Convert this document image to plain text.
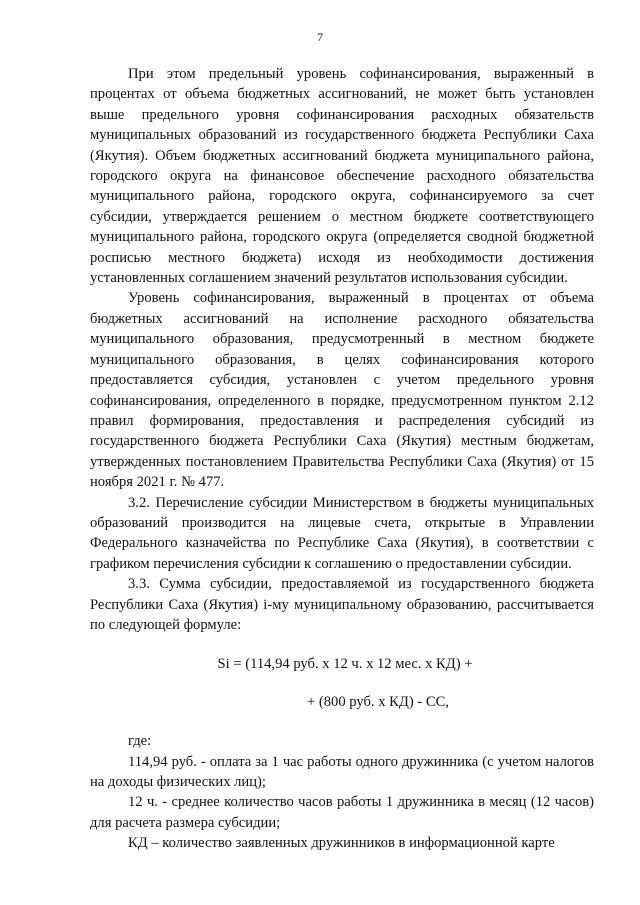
7

При этом предельный уровень софинансирования, выраженный в процентах от объема бюджетных ассигнований, не может быть установлен выше предельного уровня софинансирования расходных обязательств муниципальных образований из государственного бюджета Республики Саха (Якутия). Объем бюджетных ассигнований бюджета муниципального района, городского округа на финансовое обеспечение расходного обязательства муниципального района, городского округа, софинансируемого за счет субсидии, утверждается решением о местном бюджете соответствующего муниципального района, городского округа (определяется сводной бюджетной росписью местного бюджета) исходя из необходимости достижения установленных соглашением значений результатов использования субсидии.

Уровень софинансирования, выраженный в процентах от объема бюджетных ассигнований на исполнение расходного обязательства муниципального образования, предусмотренный в местном бюджете муниципального образования, в целях софинансирования которого предоставляется субсидия, установлен с учетом предельного уровня софинансирования, определенного в порядке, предусмотренном пунктом 2.12 правил формирования, предоставления и распределения субсидий из государственного бюджета Республики Саха (Якутия) местным бюджетам, утвержденных постановлением Правительства Республики Саха (Якутия) от 15 ноября 2021 г. № 477.

3.2. Перечисление субсидии Министерством в бюджеты муниципальных образований производится на лицевые счета, открытые в Управлении Федерального казначейства по Республике Саха (Якутия), в соответствии с графиком перечисления субсидии к соглашению о предоставлении субсидии.

3.3. Сумма субсидии, предоставляемой из государственного бюджета Республики Саха (Якутия) i-му муниципальному образованию, рассчитывается по следующей формуле:

Si = (114,94 руб. х 12 ч. х 12 мес. х КД) +

+ (800 руб. х КД) - СС,

где:

114,94 руб. - оплата за 1 час работы одного дружинника (с учетом налогов на доходы физических лиц);

12 ч. - среднее количество часов работы 1 дружинника в месяц (12 часов) для расчета размера субсидии;

КД – количество заявленных дружинников в информационной карте
